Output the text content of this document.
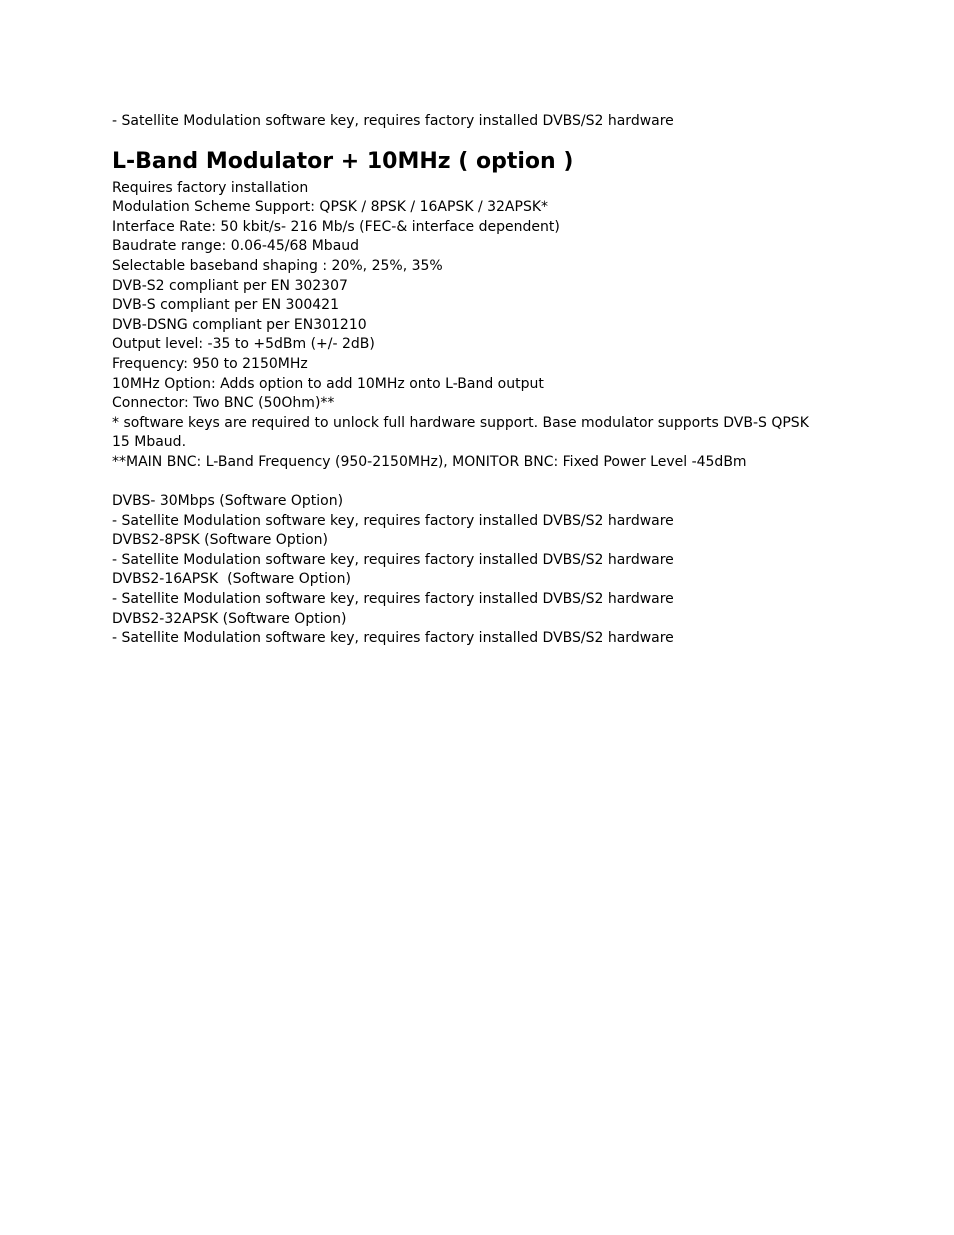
- Satellite Modulation software key, requires factory installed DVBS/S2 hardware
L-Band Modulator + 10MHz ( option )
Requires factory installation
Modulation Scheme Support: QPSK / 8PSK / 16APSK / 32APSK*
Interface Rate: 50 kbit/s- 216 Mb/s (FEC-& interface dependent)
Baudrate range: 0.06-45/68 Mbaud
Selectable baseband shaping : 20%, 25%, 35%
DVB-S2 compliant per EN 302307
DVB-S compliant per EN 300421
DVB-DSNG compliant per EN301210
Output level: -35 to +5dBm (+/- 2dB)
Frequency: 950 to 2150MHz
10MHz Option: Adds option to add 10MHz onto L-Band output
Connector: Two BNC (50Ohm)**
* software keys are required to unlock full hardware support. Base modulator supports DVB-S QPSK
15 Mbaud.
**MAIN BNC: L-Band Frequency (950-2150MHz), MONITOR BNC: Fixed Power Level -45dBm
DVBS- 30Mbps (Software Option)
- Satellite Modulation software key, requires factory installed DVBS/S2 hardware
DVBS2-8PSK (Software Option)
- Satellite Modulation software key, requires factory installed DVBS/S2 hardware
DVBS2-16APSK  (Software Option)
- Satellite Modulation software key, requires factory installed DVBS/S2 hardware
DVBS2-32APSK (Software Option)
- Satellite Modulation software key, requires factory installed DVBS/S2 hardware
